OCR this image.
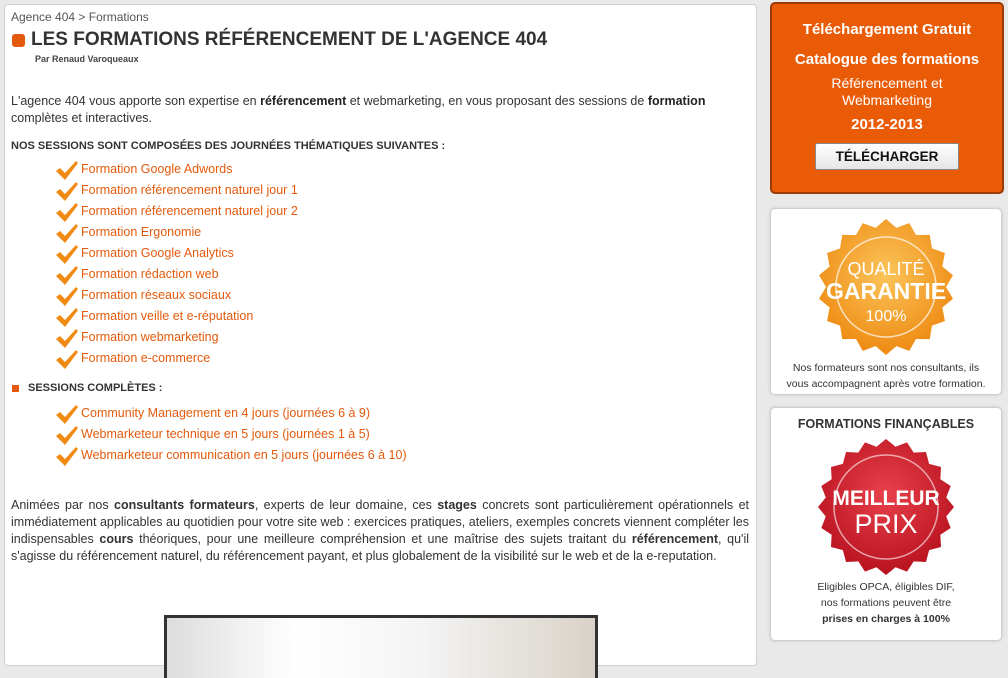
Agence 404 > Formations
LES FORMATIONS RÉFÉRENCEMENT DE L'AGENCE 404
Par Renaud Varoqueaux
L'agence 404 vous apporte son expertise en référencement et webmarketing, en vous proposant des sessions de formation complètes et interactives.
NOS SESSIONS SONT COMPOSÉES DES JOURNÉES THÉMATIQUES SUIVANTES :
Formation Google Adwords
Formation référencement naturel jour 1
Formation référencement naturel jour 2
Formation Ergonomie
Formation Google Analytics
Formation rédaction web
Formation réseaux sociaux
Formation veille et e-réputation
Formation webmarketing
Formation e-commerce
SESSIONS COMPLÈTES :
Community Management en 4 jours (journées 6 à 9)
Webmarketeur technique en 5 jours (journées 1 à 5)
Webmarketeur communication en 5 jours (journées 6 à 10)
Animées par nos consultants formateurs, experts de leur domaine, ces stages concrets sont particulièrement opérationnels et immédiatement applicables au quotidien pour votre site web : exercices pratiques, ateliers, exemples concrets viennent compléter les indispensables cours théoriques, pour une meilleure compréhension et une maîtrise des sujets traitant du référencement, qu'il s'agisse du référencement naturel, du référencement payant, et plus globalement de la visibilité sur le web et de la e-reputation.
Téléchargement Gratuit
Catalogue des formations
Référencement et
Webmarketing
2012-2013
TÉLÉCHARGER
QUALITÉ
GARANTIE
100%
Nos formateurs sont nos consultants, ils
vous accompagnent après votre formation.
FORMATIONS FINANÇABLES
MEILLEUR
PRIX
Eligibles OPCA, éligibles DIF,
nos formations peuvent être
prises en charges à 100%
